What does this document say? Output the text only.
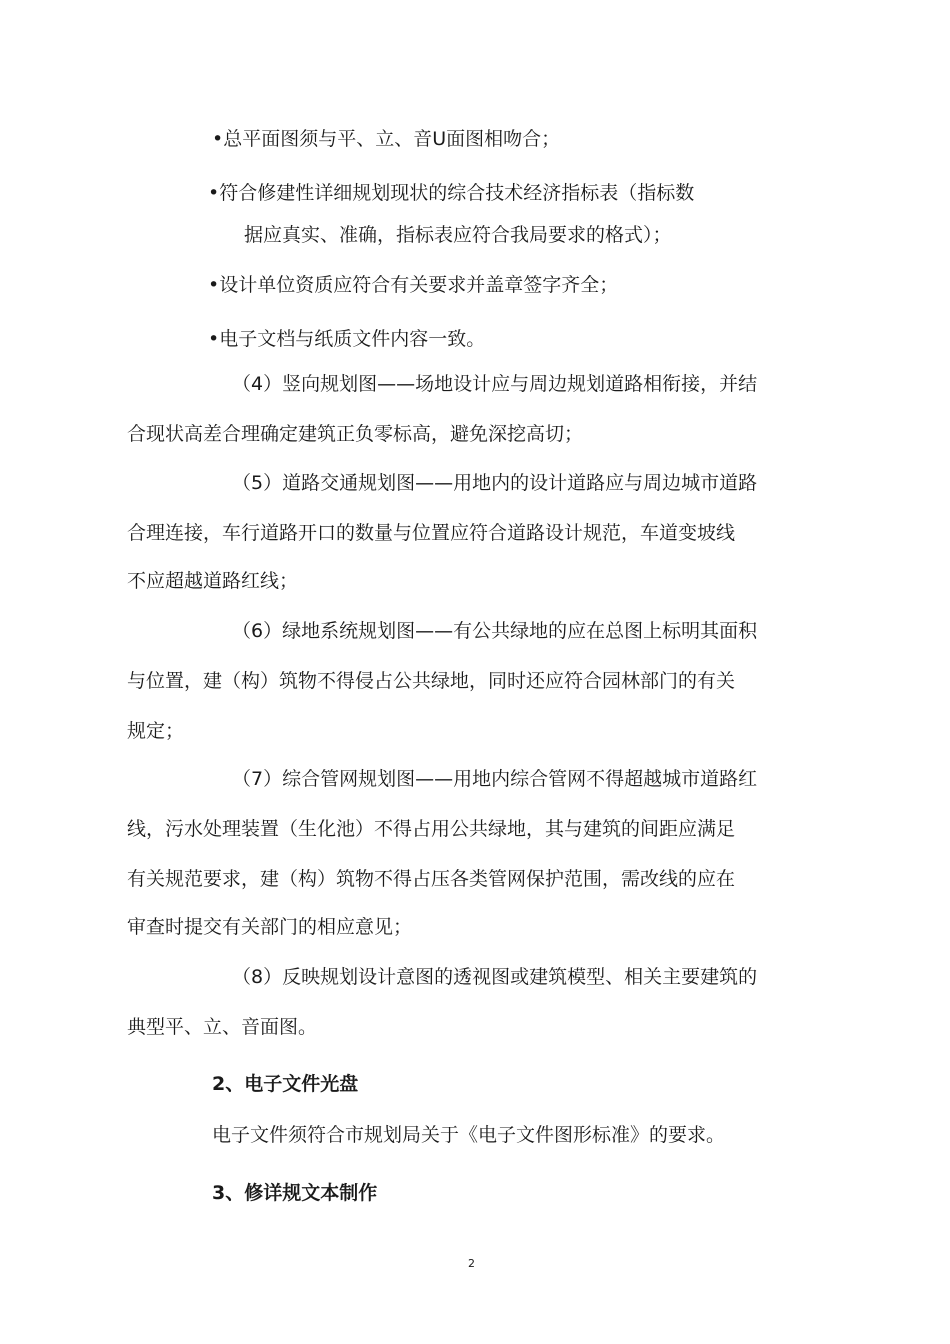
•总平面图须与平、立、音U面图相吻合；
•符合修建性详细规划现状的综合技术经济指标表（指标数
据应真实、准确，指标表应符合我局要求的格式）；
•设计单位资质应符合有关要求并盖章签字齐全；
•电子文档与纸质文件内容一致。
（4）竖向规划图——场地设计应与周边规划道路相衔接，并结
合现状高差合理确定建筑正负零标高，避免深挖高切；
（5）道路交通规划图——用地内的设计道路应与周边城市道路
合理连接，车行道路开口的数量与位置应符合道路设计规范，车道变坡线
不应超越道路红线；
（6）绿地系统规划图——有公共绿地的应在总图上标明其面积
与位置，建（构）筑物不得侵占公共绿地，同时还应符合园林部门的有关
规定；
（7）综合管网规划图——用地内综合管网不得超越城市道路红
线，污水处理装置（生化池）不得占用公共绿地，其与建筑的间距应满足
有关规范要求，建（构）筑物不得占压各类管网保护范围，需改线的应在
审查时提交有关部门的相应意见；
（8）反映规划设计意图的透视图或建筑模型、相关主要建筑的
典型平、立、音面图。
2、电子文件光盘
电子文件须符合市规划局关于《电子文件图形标准》的要求。
3、修详规文本制作
2
